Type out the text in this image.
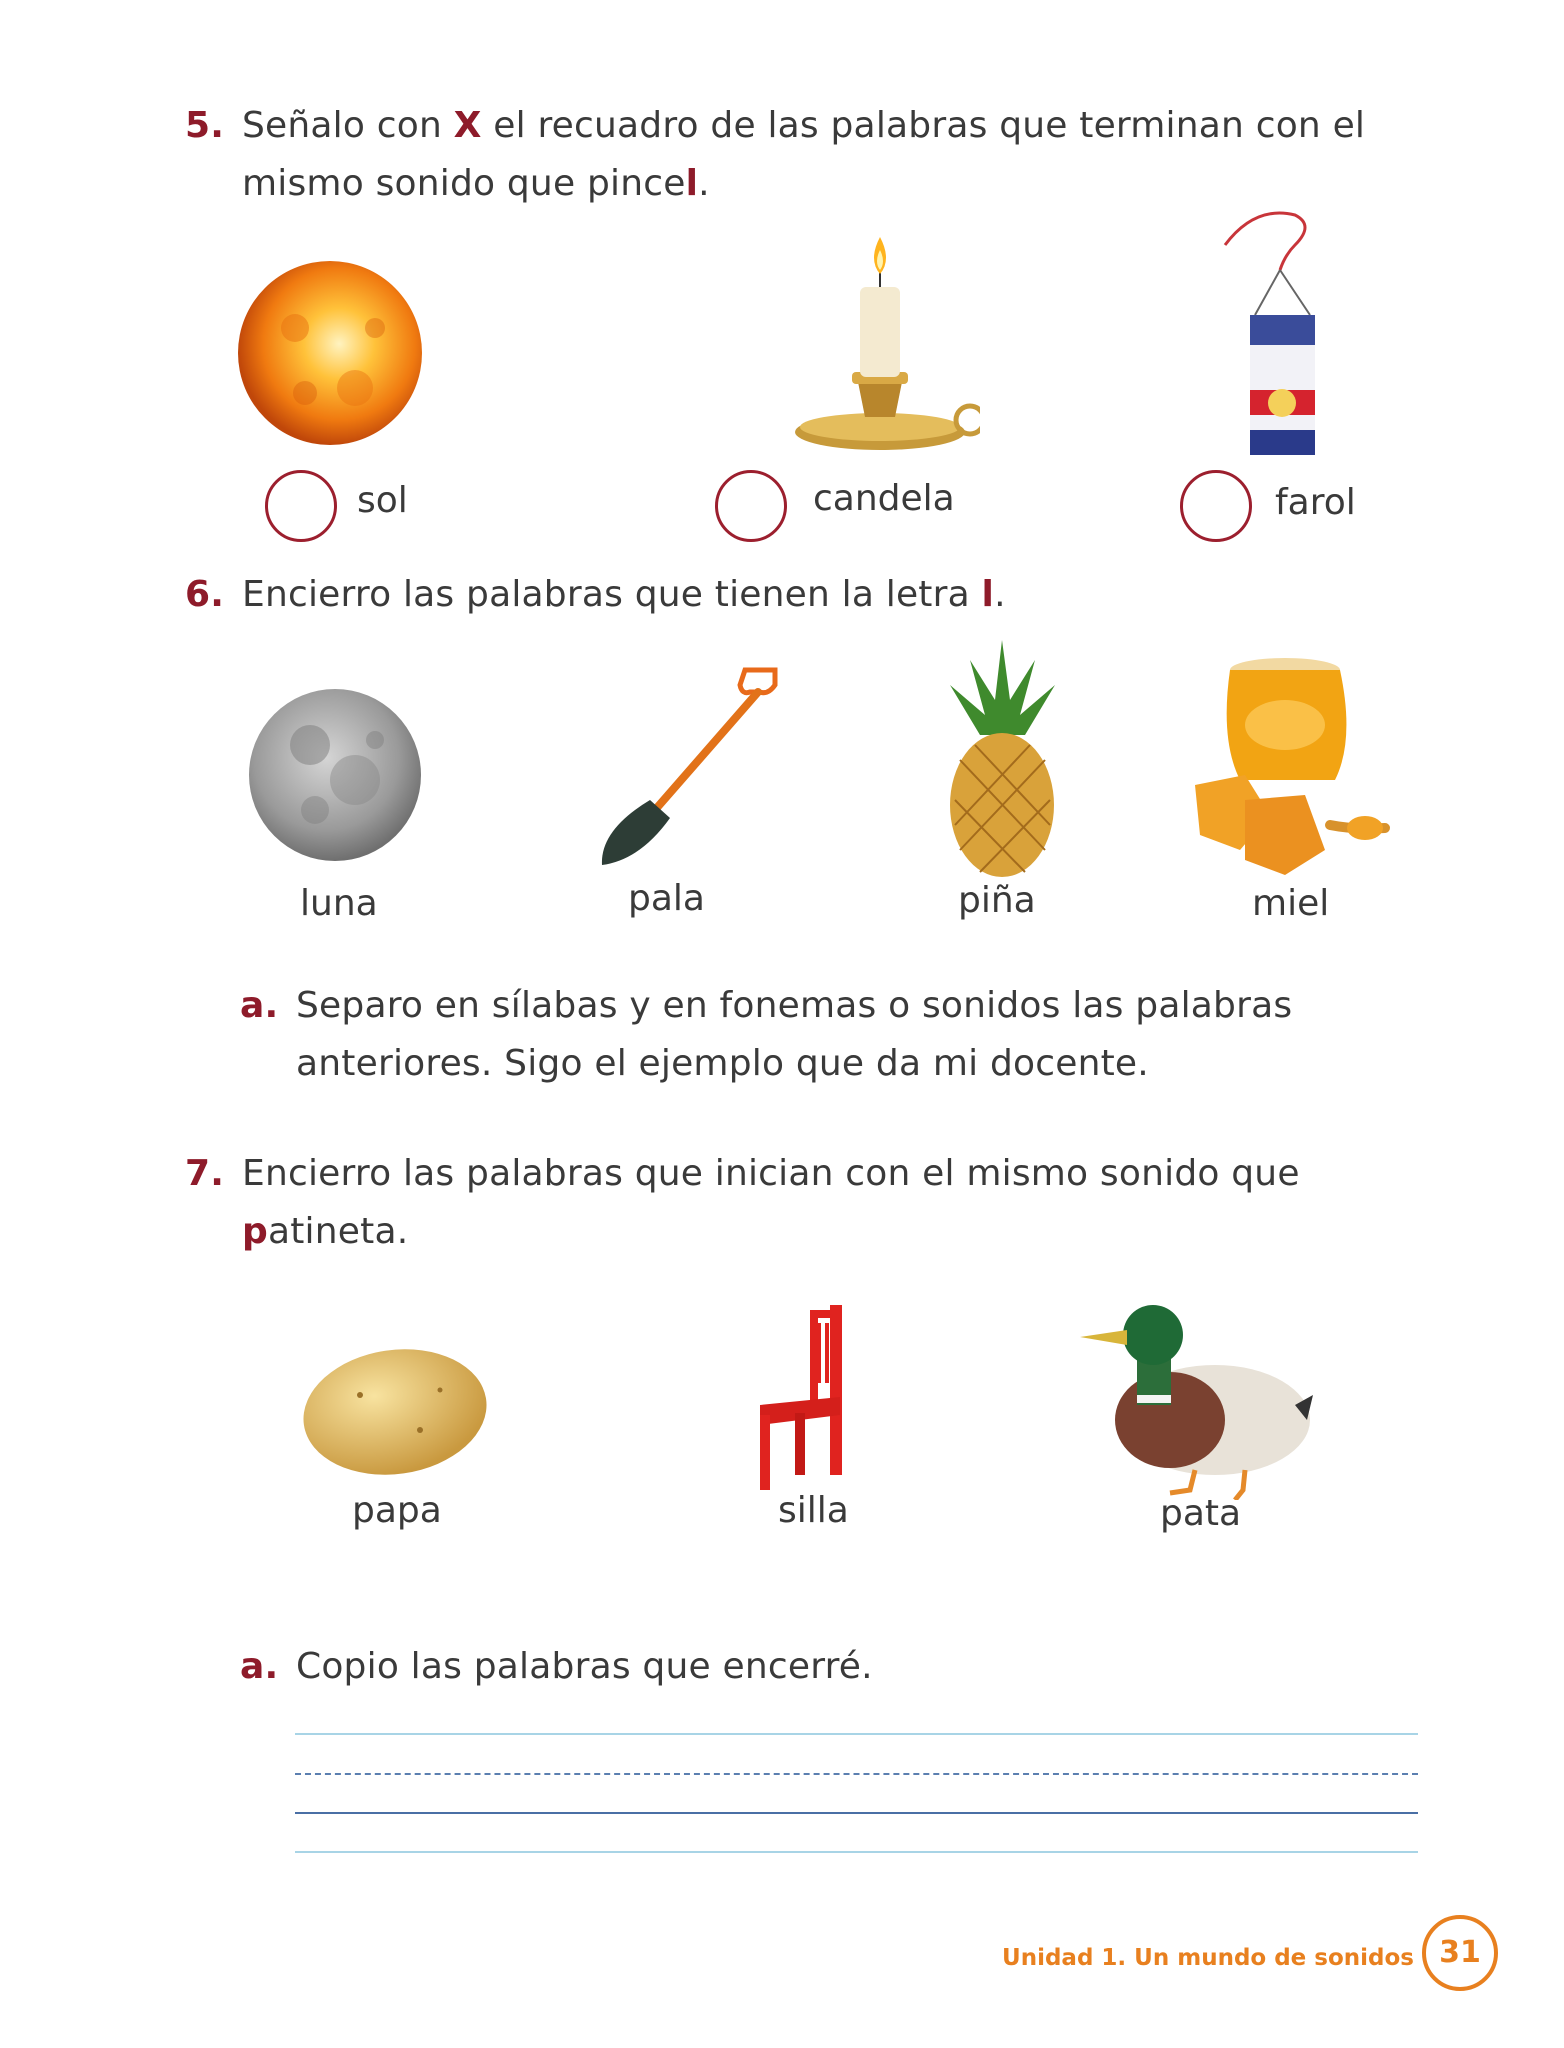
5. Señalo con X el recuadro de las palabras que terminan con el
mismo sonido que pincel.
sol	candela	farol
6. Encierro las palabras que tienen la letra l.
luna	pala	piña	miel
a. Separo en sílabas y en fonemas o sonidos las palabras
anteriores. Sigo el ejemplo que da mi docente.
7. Encierro las palabras que inician con el mismo sonido que
patineta.
papa	silla	pata
a. Copio las palabras que encerré.
Unidad 1. Un mundo de sonidos 31
